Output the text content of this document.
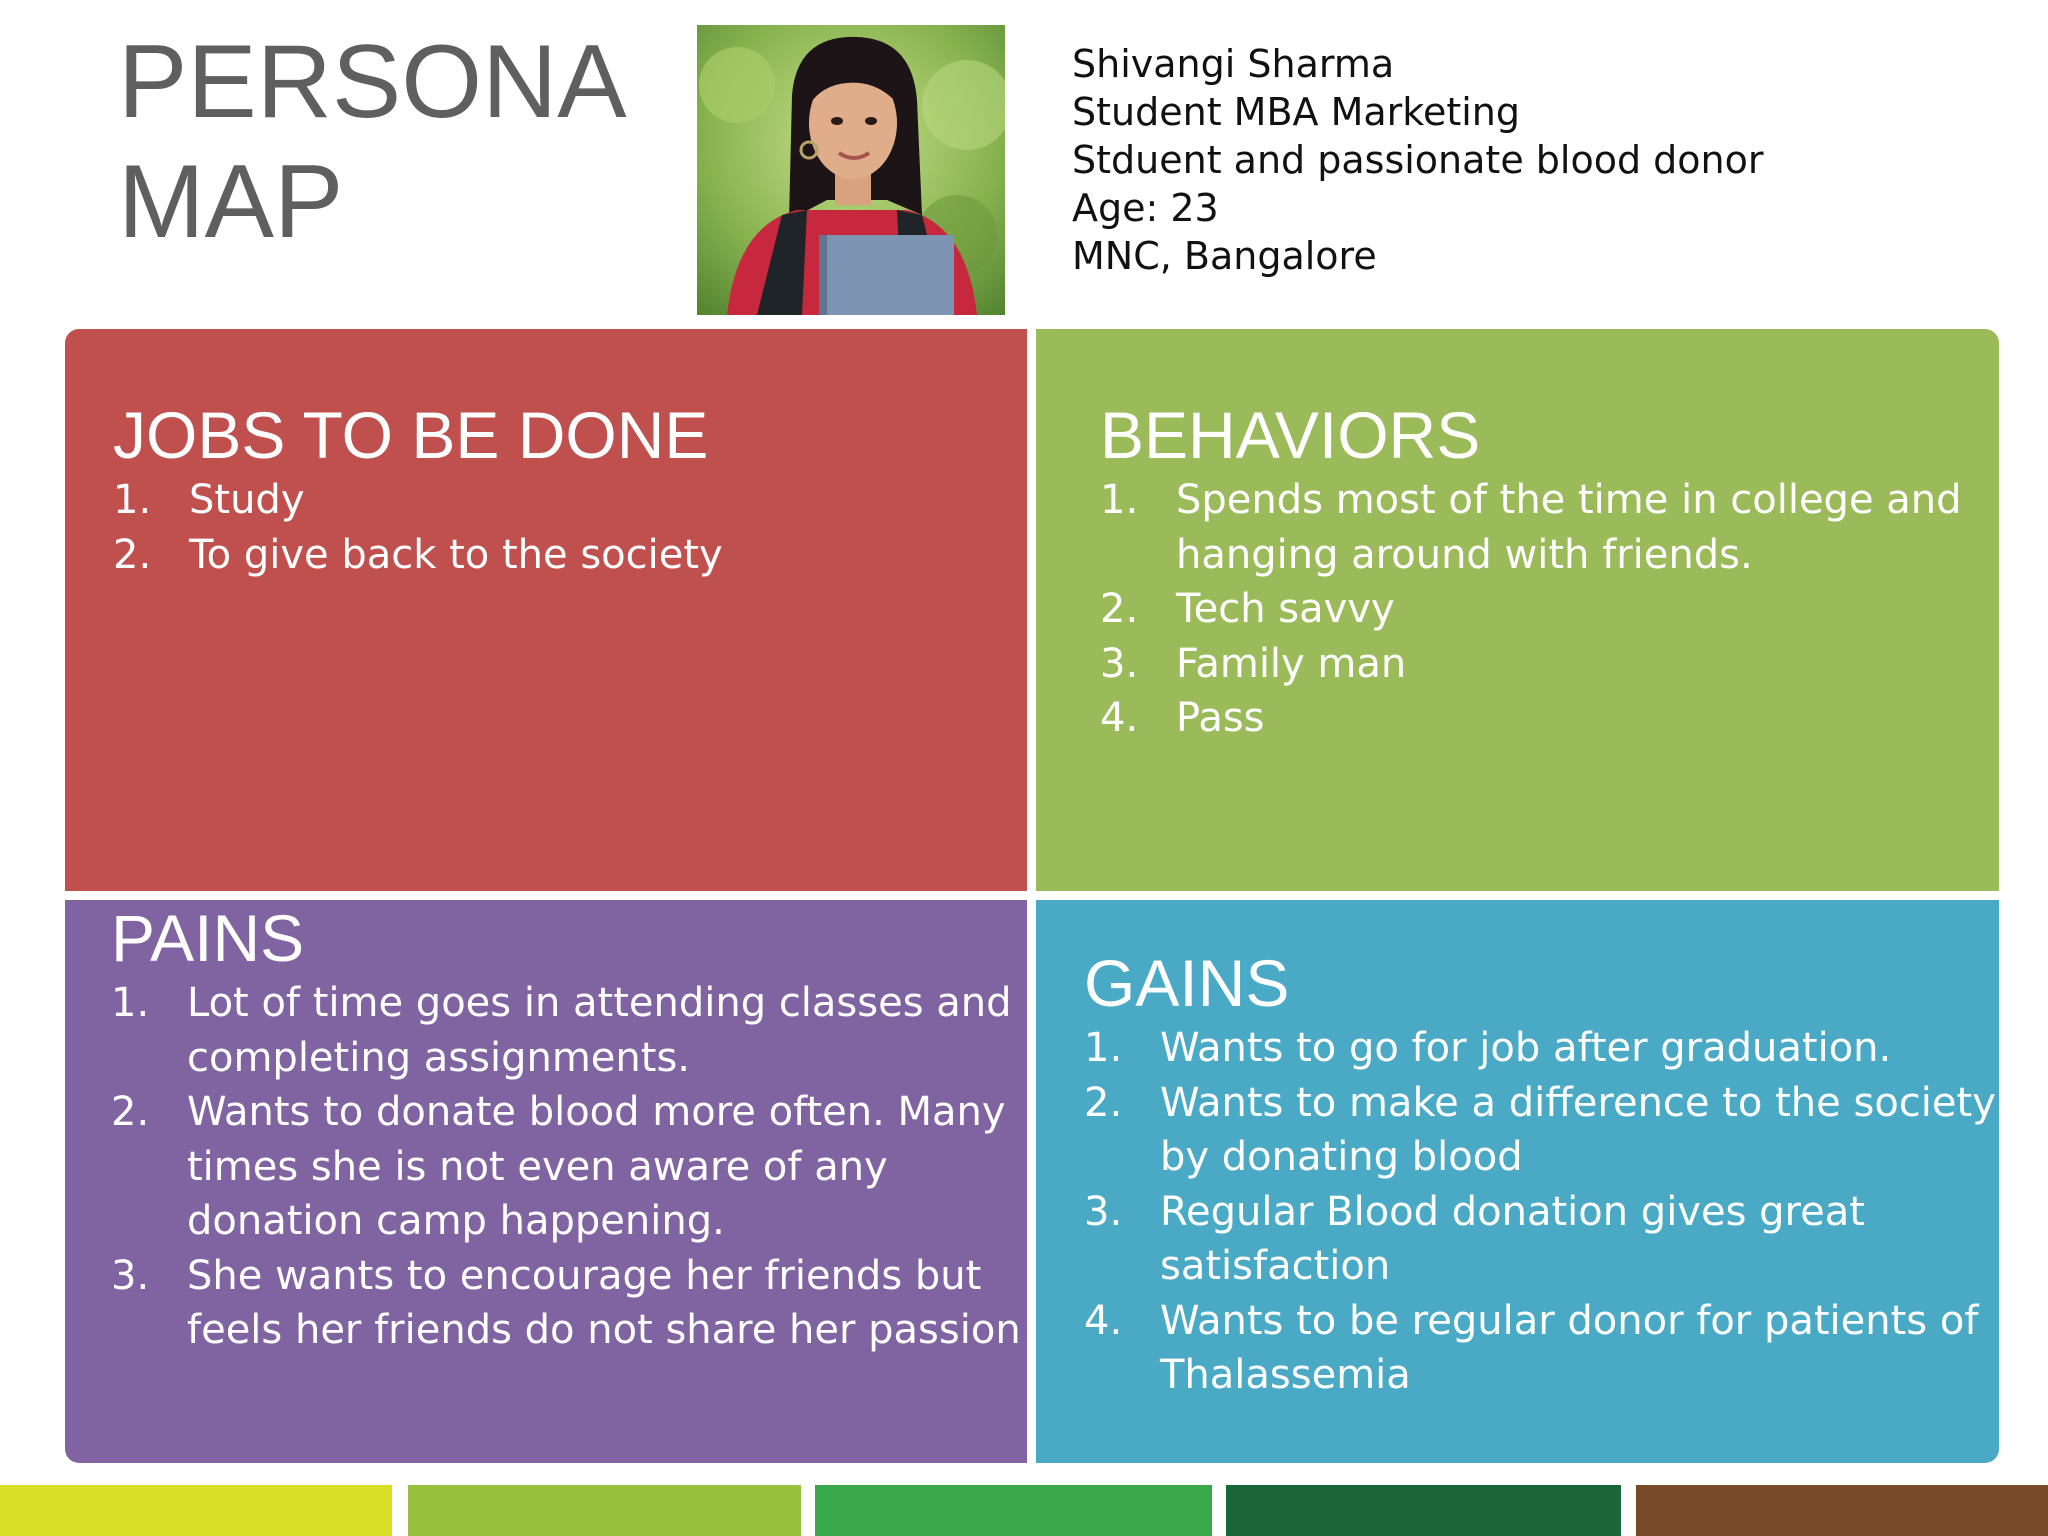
PERSONA
MAP
Shivangi Sharma
Student MBA Marketing
Stduent and passionate blood donor
Age: 23
MNC, Bangalore
JOBS TO BE DONE
1. Study
2. To give back to the society
BEHAVIORS
1. Spends most of the time in college and hanging around with friends.
2. Tech savvy
3. Family man
4. Pass
PAINS
1. Lot of time goes in attending classes and completing assignments.
2. Wants to donate blood more often. Many times she is not even aware of any donation camp happening.
3. She wants to encourage her friends but feels her friends do not share her passion
GAINS
1. Wants to go for job after graduation.
2. Wants to make a difference to the society by donating blood
3. Regular Blood donation gives great satisfaction
4. Wants to be regular donor for patients of Thalassemia
